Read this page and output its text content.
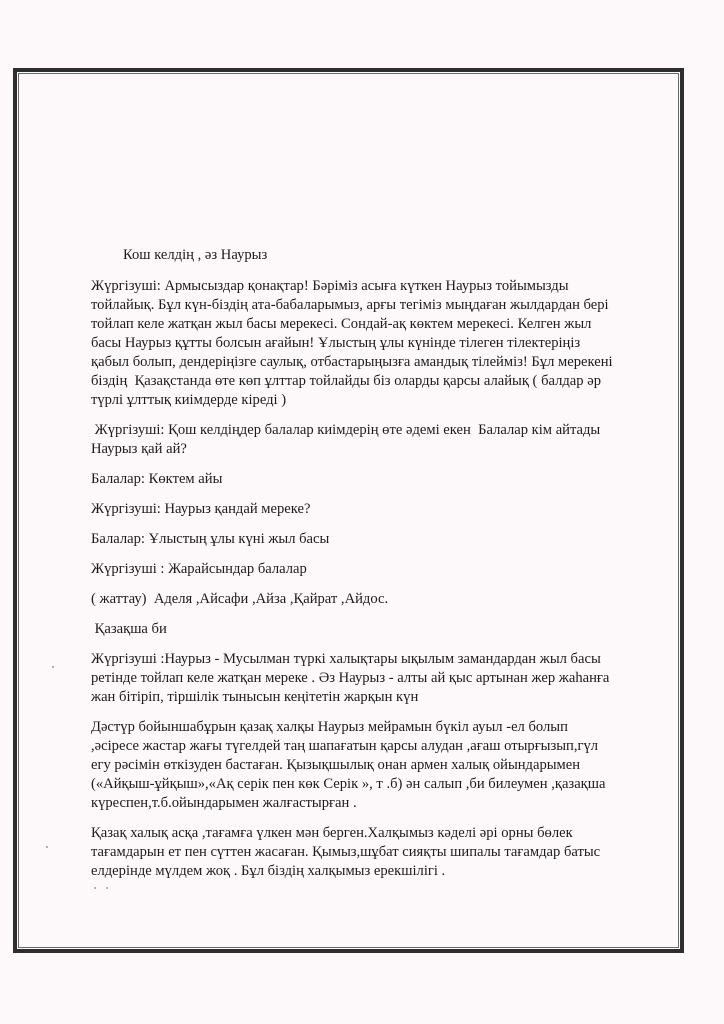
Кош келдің , әз Наурыз
Жүргізуші: Армысыздар қонақтар! Бәріміз асыға күткен Наурыз тойымызды
тойлайық. Бұл күн-біздің ата-бабаларымыз, арғы тегіміз мыңдаған жылдардан бері
тойлап келе жатқан жыл басы мерекесі. Сондай-ақ көктем мерекесі. Келген жыл
басы Наурыз құтты болсын ағайын! Ұлыстың ұлы күнінде тілеген тілектеріңіз
қабыл болып, дендеріңізге саулық, отбастарыңызға амандық тілейміз! Бұл мерекені
біздің  Қазақстанда өте көп ұлттар тойлайды біз оларды қарсы алайық ( балдар әр
түрлі ұлттық киімдерде кіреді )
Жүргізуші: Қош келдіңдер балалар киімдерің өте әдемі екен  Балалар кім айтады
Наурыз қай ай?
Балалар: Көктем айы
Жүргізуші: Наурыз қандай мереке?
Балалар: Ұлыстың ұлы күні жыл басы
Жүргізуші : Жарайсындар балалар
( жаттау)  Аделя ,Айсафи ,Айза ,Қайрат ,Айдос.
Қазақша би
Жүргізуші :Наурыз - Мусылман түркі халықтары ықылым замандардан жыл басы
ретінде тойлап келе жатқан мереке . Әз Наурыз - алты ай қыс артынан жер жаһанға
жан бітіріп, тіршілік тынысын кеңітетін жарқын күн
Дәстүр бойыншабұрын қазақ халқы Наурыз мейрамын бүкіл ауыл -ел болып
,әсіресе жастар жағы түгелдей таң шапағатын қарсы алудан ,ағаш отырғызып,гүл
егу рәсімін өткізуден бастаған. Қызықшылық онан армен халық ойындарымен
(«Айқыш-ұйқыш»,«Ақ серік пен көк Серік », т .б) ән салып ,би билеумен ,қазақша
күреспен,т.б.ойындарымен жалғастырған .
Қазақ халық асқа ,тағамға үлкен мән берген.Халқымыз кәделі әрі орны бөлек
тағамдарын ет пен сүттен жасаған. Қымыз,шұбат сияқты шипалы тағамдар батыс
елдерінде мүлдем жоқ . Бұл біздің халқымыз ерекшілігі .
